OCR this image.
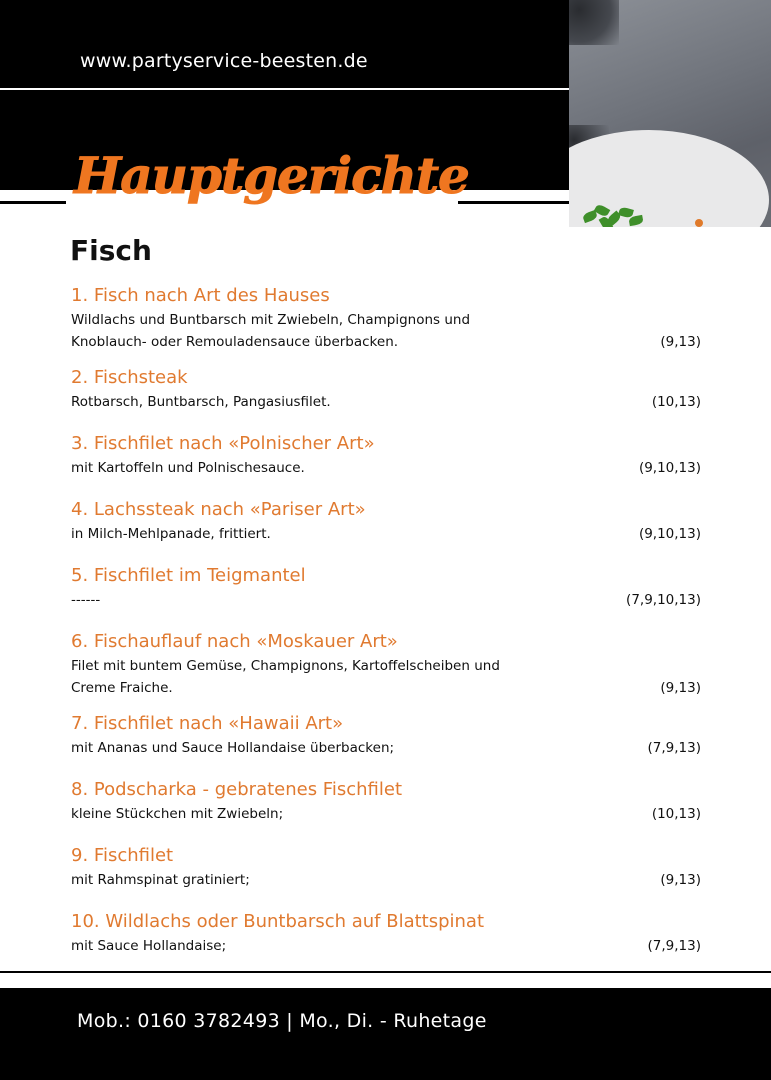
www.partyservice-beesten.de
Hauptgerichte
Fisch
1. Fisch nach Art des Hauses
Wildlachs und Buntbarsch mit Zwiebeln, Champignons und Knoblauch- oder Remouladensauce überbacken.	(9,13)
2. Fischsteak
Rotbarsch, Buntbarsch, Pangasiusfilet.	(10,13)
3. Fischfilet nach «Polnischer Art»
mit Kartoffeln und Polnischesauce.	(9,10,13)
4. Lachssteak nach «Pariser Art»
in Milch-Mehlpanade, frittiert.	(9,10,13)
5. Fischfilet im Teigmantel
------	(7,9,10,13)
6. Fischauflauf nach «Moskauer Art»
Filet mit buntem Gemüse, Champignons, Kartoffelscheiben und Creme Fraiche.	(9,13)
7. Fischfilet nach «Hawaii Art»
mit Ananas und Sauce Hollandaise überbacken;	(7,9,13)
8. Podscharka - gebratenes Fischfilet
kleine Stückchen mit Zwiebeln;	(10,13)
9. Fischfilet
mit Rahmspinat gratiniert;	(9,13)
10. Wildlachs oder Buntbarsch auf Blattspinat
mit Sauce Hollandaise;	(7,9,13)
Mob.: 0160 3782493 | Mo., Di. - Ruhetage
